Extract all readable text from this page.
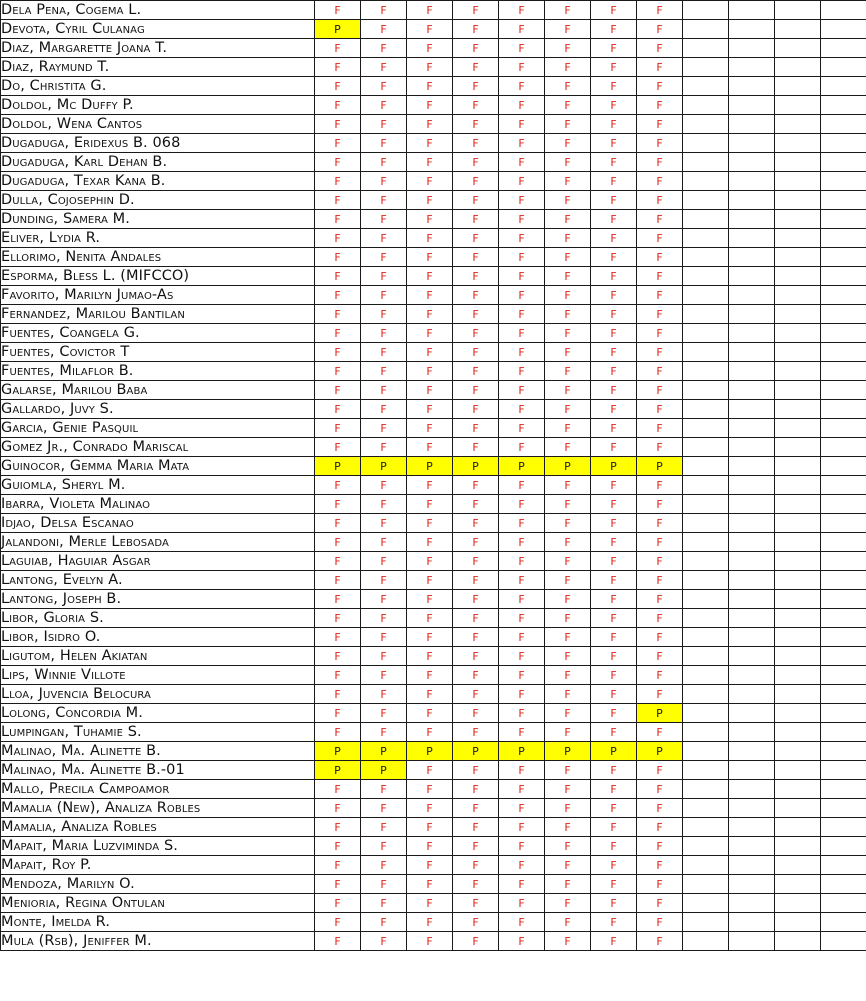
Dela Pena, Cogema L.	F	F	F	F	F	F	F	F				
Devota, Cyril Culanag	P	F	F	F	F	F	F	F				
Diaz, Margarette Joana T.	F	F	F	F	F	F	F	F				
Diaz, Raymund T.	F	F	F	F	F	F	F	F				
Do, Christita G.	F	F	F	F	F	F	F	F				
Doldol, Mc Duffy P.	F	F	F	F	F	F	F	F				
Doldol, Wena Cantos	F	F	F	F	F	F	F	F				
Dugaduga, Eridexus B. 068	F	F	F	F	F	F	F	F				
Dugaduga, Karl Dehan B.	F	F	F	F	F	F	F	F				
Dugaduga, Texar Kana B.	F	F	F	F	F	F	F	F				
Dulla, Cojosephin D.	F	F	F	F	F	F	F	F				
Dunding, Samera M.	F	F	F	F	F	F	F	F				
Eliver, Lydia R.	F	F	F	F	F	F	F	F				
Ellorimo, Nenita Andales	F	F	F	F	F	F	F	F				
Esporma, Bless L. (MIFCCO)	F	F	F	F	F	F	F	F				
Favorito, Marilyn Jumao-As	F	F	F	F	F	F	F	F				
Fernandez, Marilou Bantilan	F	F	F	F	F	F	F	F				
Fuentes, Coangela G.	F	F	F	F	F	F	F	F				
Fuentes, Covictor T	F	F	F	F	F	F	F	F				
Fuentes, Milaflor B.	F	F	F	F	F	F	F	F				
Galarse, Marilou Baba	F	F	F	F	F	F	F	F				
Gallardo, Juvy S.	F	F	F	F	F	F	F	F				
Garcia, Genie Pasquil	F	F	F	F	F	F	F	F				
Gomez Jr., Conrado Mariscal	F	F	F	F	F	F	F	F				
Guinocor, Gemma Maria Mata	P	P	P	P	P	P	P	P				
Guiomla, Sheryl M.	F	F	F	F	F	F	F	F				
Ibarra, Violeta Malinao	F	F	F	F	F	F	F	F				
Idjao, Delsa Escanao	F	F	F	F	F	F	F	F				
Jalandoni, Merle Lebosada	F	F	F	F	F	F	F	F				
Laguiab, Haguiar Asgar	F	F	F	F	F	F	F	F				
Lantong, Evelyn A.	F	F	F	F	F	F	F	F				
Lantong, Joseph B.	F	F	F	F	F	F	F	F				
Libor, Gloria S.	F	F	F	F	F	F	F	F				
Libor, Isidro O.	F	F	F	F	F	F	F	F				
Ligutom, Helen Akiatan	F	F	F	F	F	F	F	F				
Lips, Winnie Villote	F	F	F	F	F	F	F	F				
Lloa, Juvencia Belocura	F	F	F	F	F	F	F	F				
Lolong, Concordia M.	F	F	F	F	F	F	F	P				
Lumpingan, Tuhamie S.	F	F	F	F	F	F	F	F				
Malinao, Ma. Alinette B.	P	P	P	P	P	P	P	P				
Malinao, Ma. Alinette B.-01	P	P	F	F	F	F	F	F				
Mallo, Precila Campoamor	F	F	F	F	F	F	F	F				
Mamalia (New), Analiza Robles	F	F	F	F	F	F	F	F				
Mamalia, Analiza Robles	F	F	F	F	F	F	F	F				
Mapait, Maria Luzviminda S.	F	F	F	F	F	F	F	F				
Mapait, Roy P.	F	F	F	F	F	F	F	F				
Mendoza, Marilyn O.	F	F	F	F	F	F	F	F				
Menioria, Regina Ontulan	F	F	F	F	F	F	F	F				
Monte, Imelda R.	F	F	F	F	F	F	F	F				
Mula (Rsb), Jeniffer M.	F	F	F	F	F	F	F	F				
